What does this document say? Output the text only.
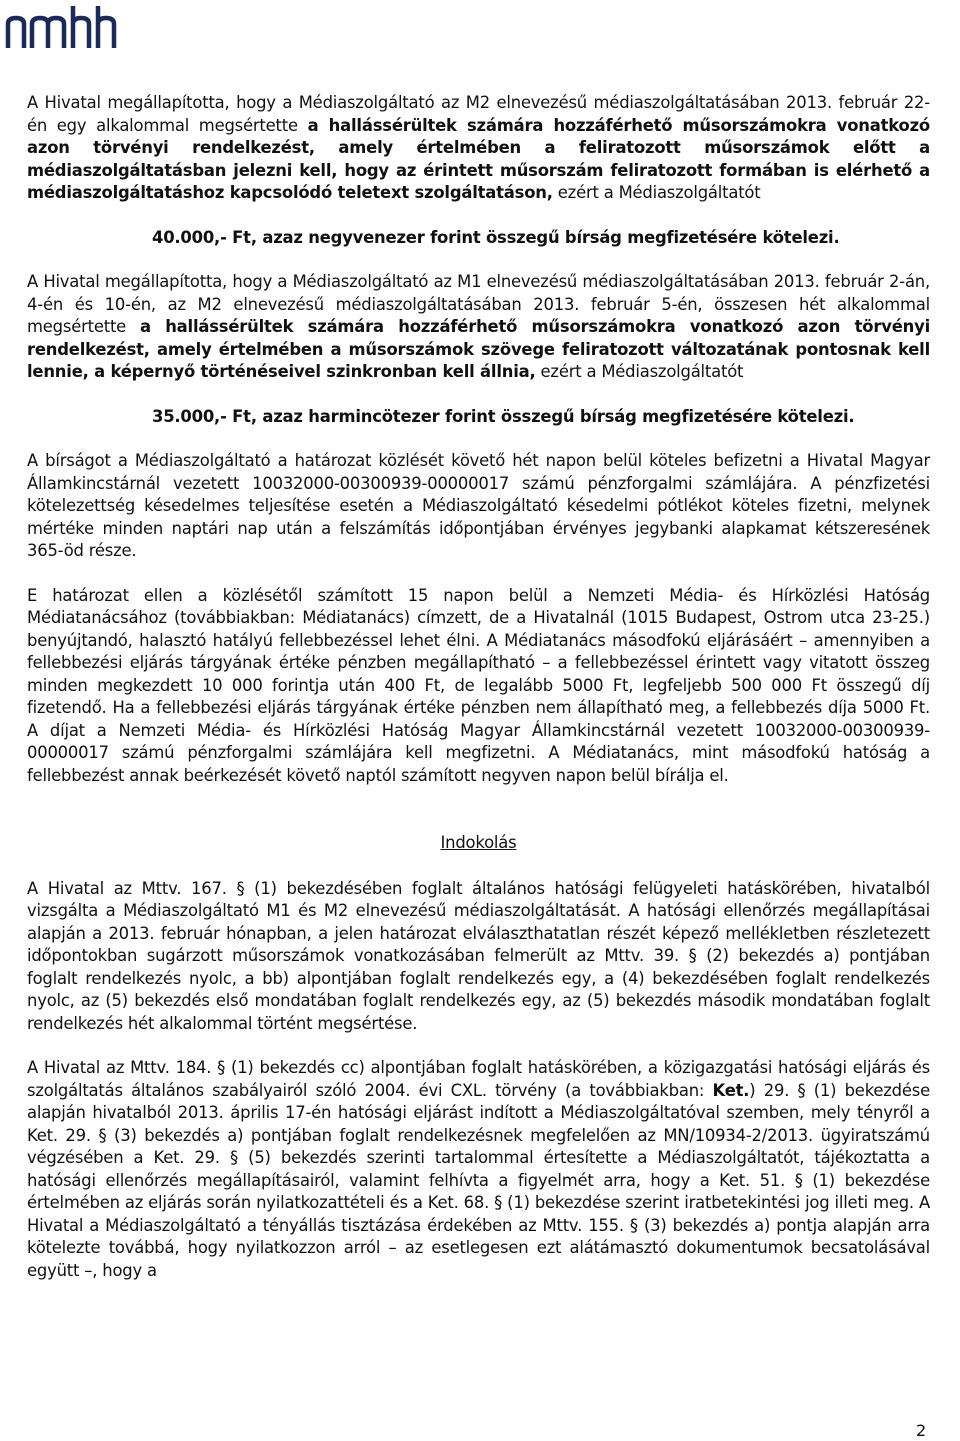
A Hivatal megállapította, hogy a Médiaszolgáltató az M2 elnevezésű médiaszolgáltatásában 2013. február 22-én egy alkalommal megsértette a hallássérültek számára hozzáférhető műsorszámokra vonatkozó azon törvényi rendelkezést, amely értelmében a feliratozott műsorszámok előtt a médiaszolgáltatásban jelezni kell, hogy az érintett műsorszám feliratozott formában is elérhető a médiaszolgáltatáshoz kapcsolódó teletext szolgáltatáson, ezért a Médiaszolgáltatót

40.000,- Ft, azaz negyvenezer forint összegű bírság megfizetésére kötelezi.

A Hivatal megállapította, hogy a Médiaszolgáltató az M1 elnevezésű médiaszolgáltatásában 2013. február 2-án, 4-én és 10-én, az M2 elnevezésű médiaszolgáltatásában 2013. február 5-én, összesen hét alkalommal megsértette a hallássérültek számára hozzáférhető műsorszámokra vonatkozó azon törvényi rendelkezést, amely értelmében a műsorszámok szövege feliratozott változatának pontosnak kell lennie, a képernyő történéseivel szinkronban kell állnia, ezért a Médiaszolgáltatót

35.000,- Ft, azaz harmincötezer forint összegű bírság megfizetésére kötelezi.

A bírságot a Médiaszolgáltató a határozat közlését követő hét napon belül köteles befizetni a Hivatal Magyar Államkincstárnál vezetett 10032000-00300939-00000017 számú pénzforgalmi számlájára. A pénzfizetési kötelezettség késedelmes teljesítése esetén a Médiaszolgáltató késedelmi pótlékot köteles fizetni, melynek mértéke minden naptári nap után a felszámítás időpontjában érvényes jegybanki alapkamat kétszeresének 365-öd része.

E határozat ellen a közlésétől számított 15 napon belül a Nemzeti Média- és Hírközlési Hatóság Médiatanácsához (továbbiakban: Médiatanács) címzett, de a Hivatalnál (1015 Budapest, Ostrom utca 23-25.) benyújtandó, halasztó hatályú fellebbezéssel lehet élni. A Médiatanács másodfokú eljárásáért – amennyiben a fellebbezési eljárás tárgyának értéke pénzben megállapítható – a fellebbezéssel érintett vagy vitatott összeg minden megkezdett 10 000 forintja után 400 Ft, de legalább 5000 Ft, legfeljebb 500 000 Ft összegű díj fizetendő. Ha a fellebbezési eljárás tárgyának értéke pénzben nem állapítható meg, a fellebbezés díja 5000 Ft. A díjat a Nemzeti Média- és Hírközlési Hatóság Magyar Államkincstárnál vezetett 10032000-00300939-00000017 számú pénzforgalmi számlájára kell megfizetni. A Médiatanács, mint másodfokú hatóság a fellebbezést annak beérkezését követő naptól számított negyven napon belül bírálja el.

Indokolás

A Hivatal az Mttv. 167. § (1) bekezdésében foglalt általános hatósági felügyeleti hatáskörében, hivatalból vizsgálta a Médiaszolgáltató M1 és M2 elnevezésű médiaszolgáltatását. A hatósági ellenőrzés megállapításai alapján a 2013. február hónapban, a jelen határozat elválaszthatatlan részét képező mellékletben részletezett időpontokban sugárzott műsorszámok vonatkozásában felmerült az Mttv. 39. § (2) bekezdés a) pontjában foglalt rendelkezés nyolc, a bb) alpontjában foglalt rendelkezés egy, a (4) bekezdésében foglalt rendelkezés nyolc, az (5) bekezdés első mondatában foglalt rendelkezés egy, az (5) bekezdés második mondatában foglalt rendelkezés hét alkalommal történt megsértése.

A Hivatal az Mttv. 184. § (1) bekezdés cc) alpontjában foglalt hatáskörében, a közigazgatási hatósági eljárás és szolgáltatás általános szabályairól szóló 2004. évi CXL. törvény (a továbbiakban: Ket.) 29. § (1) bekezdése alapján hivatalból 2013. április 17-én hatósági eljárást indított a Médiaszolgáltatóval szemben, mely tényről a Ket. 29. § (3) bekezdés a) pontjában foglalt rendelkezésnek megfelelően az MN/10934-2/2013. ügyiratszámú végzésében a Ket. 29. § (5) bekezdés szerinti tartalommal értesítette a Médiaszolgáltatót, tájékoztatta a hatósági ellenőrzés megállapításairól, valamint felhívta a figyelmét arra, hogy a Ket. 51. § (1) bekezdése értelmében az eljárás során nyilatkozattételi és a Ket. 68. § (1) bekezdése szerint iratbetekintési jog illeti meg. A Hivatal a Médiaszolgáltató a tényállás tisztázása érdekében az Mttv. 155. § (3) bekezdés a) pontja alapján arra kötelezte továbbá, hogy nyilatkozzon arról – az esetlegesen ezt alátámasztó dokumentumok becsatolásával együtt –, hogy a

2
